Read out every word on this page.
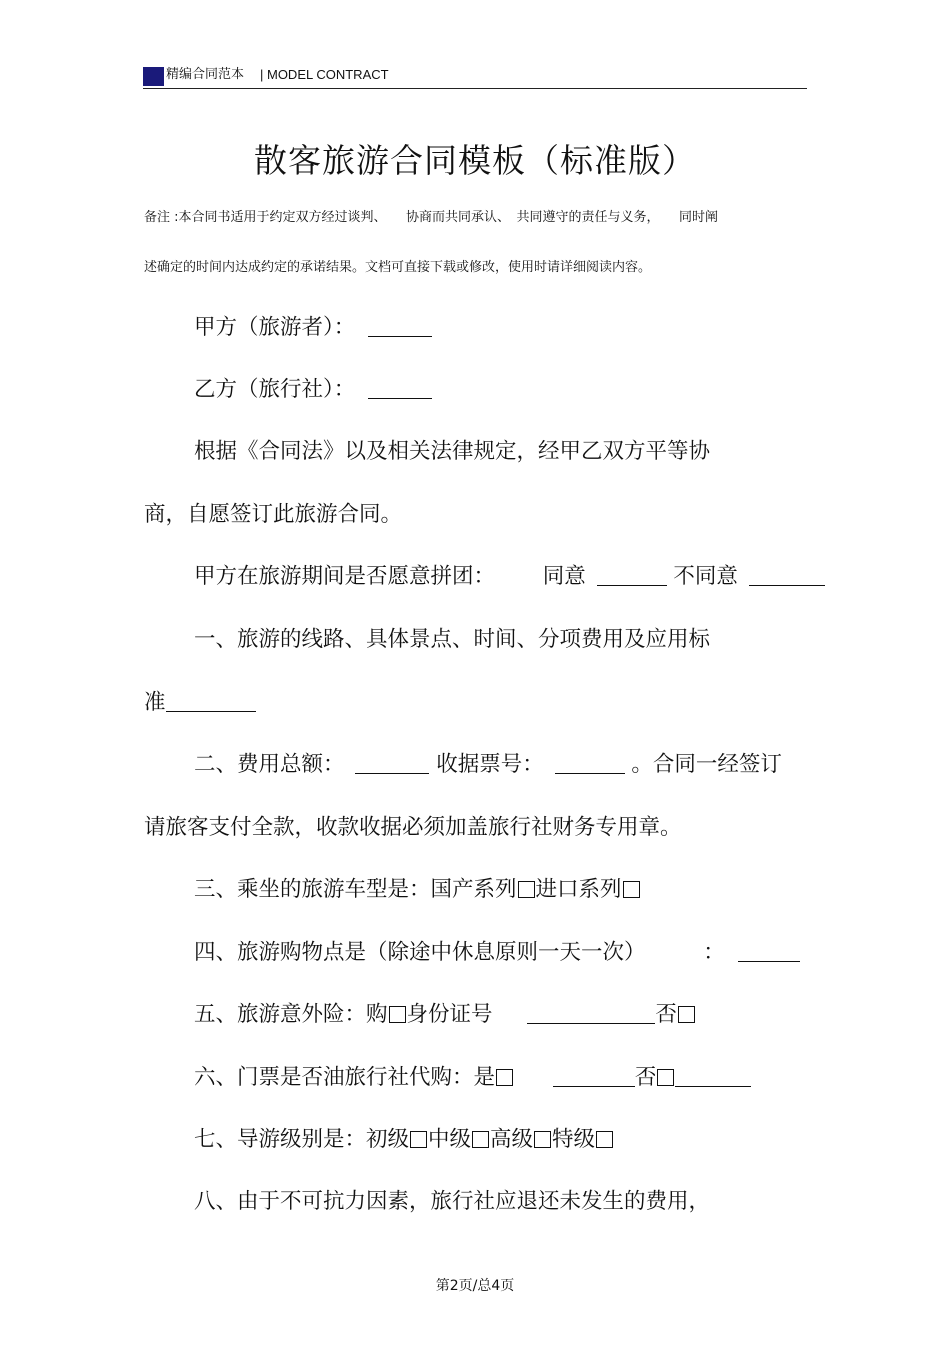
精编合同范本 | MODEL CONTRACT
散客旅游合同模板（标准版）
备注 :本合同书适用于约定双方经过谈判、　　协商而共同承认、　共同遵守的责任与义务，　　同时阐
述确定的时间内达成约定的承诺结果。文档可直接下载或修改，使用时请详细阅读内容。
甲方（旅游者）：
乙方（旅行社）：
根据《合同法》以及相关法律规定，经甲乙双方平等协
商，自愿签订此旅游合同。
甲方在旅游期间是否愿意拼团： 同意	不同意
一、旅游的线路、具体景点、时间、分项费用及应用标
准
二、费用总额：	收据票号：	。合同一经签订
请旅客支付全款，收款收据必须加盖旅行社财务专用章。
三、乘坐的旅游车型是：国产系列 进口系列
四、旅游购物点是（除途中休息原则一天一次）	：
五、旅游意外险：购 身份证号	否
六、门票是否油旅行社代购：是	否
七、导游级别是：初级 中级 高级 特级
八、由于不可抗力因素，旅行社应退还未发生的费用，
第2页/总4页
